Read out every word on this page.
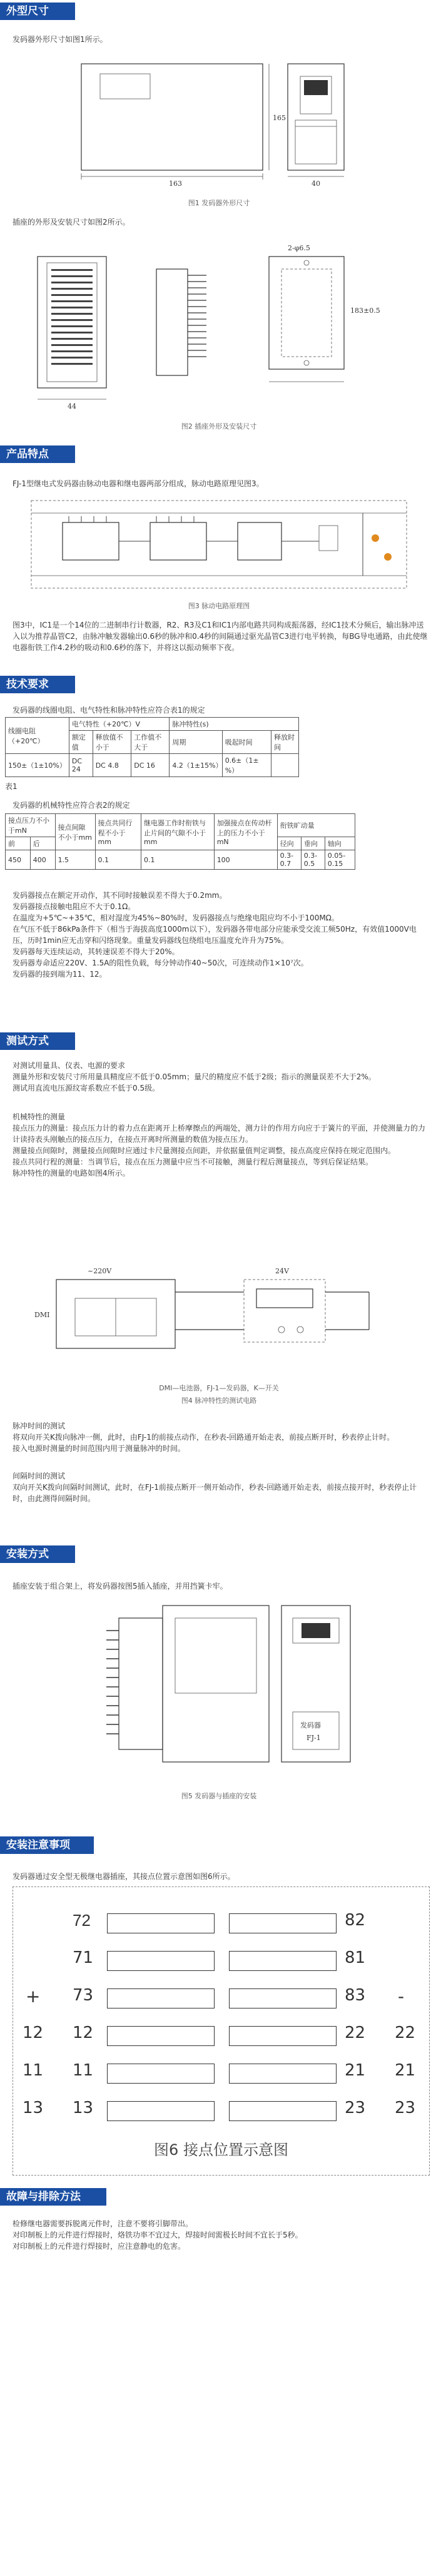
外型尺寸
发码器外形尺寸如图1所示。
163
165
40
图1 发码器外形尺寸
插座的外形及安装尺寸如图2所示。
44
2-φ6.5
183±0.5
图2 插座外形及安装尺寸
产品特点
FJ-1型继电式发码器由脉动电器和继电器两部分组成，脉动电路原理见图3。
图3 脉动电路原理图
图3中，IC1是一个14位的二进制串行计数器，R2、R3及C1和IC1内部电路共同构成振荡器，经IC1技术分频后，输出脉冲送入以为推荐晶管C2，由脉冲触发器输出0.6秒的脉冲和0.4秒的间隔通过驱光晶管C3进行电平转换，每BG导电通路，由此使继电器衔铁工作4.2秒的吸动和0.6秒的落下，并将这以振动频率下夜。
技术要求
发码器的线圈电阻、电气特性和脉冲特性应符合表1的规定
线圈电阻
（+20℃）	电气特性（+20℃）V			脉冲特性(s)		
	额定值	释放值不小于	工作值不大于	周期	吸起时间	释放时间
150±（1±10%）	DC 24	DC 4.8	DC 16	4.2（1±15%）	0.6±（1±%）	
表1
发码器的机械特性应符合表2的规定
接点压力不小于mN		接点间隙不小于mm	接点共同行程不小于mm	继电器工作时衔铁与止片间的气隙不小于mm	加强接点在传动杆上的压力不小于mN	衔铁旷动量		
前	后					径向	垂向	轴向
450	400	1.5	0.1	0.1	100	0.3-0.7	0.3-0.5	0.05-0.15
发码器接点在额定开动作，其不同时接触误差不得大于0.2mm。
发码器接点接触电阻应不大于0.1Ω。
在温度为+5℃~+35℃，相对湿度为45%~80%时，发码器接点与绝缘电阻应均不小于100MΩ。
在气压不低于86kPa条件下（相当于海拔高度1000m以下），发码器各带电部分应能承受交流工频50Hz，有效值1000V电压，历时1min应无击穿和闪络现象。重量发码器线包绕组电压温度允许升为75%。
发码器每天连续运动，其转速误差不得大于20%。
发码器寿命适应220V、1.5A的阻性负载，每分钟动作40~50次，可连续动作1×10⁷次。
发码器的接到端为11、12。
测试方式
对测试用量具、仪表、电源的要求
测量外形和安装尺寸所用量具精度应不低于0.05mm；量尺的精度应不低于2级；指示的测量误差不大于2%。
测试用直流电压源纹寄系数应不低于0.5级。
机械特性的测量
接点压力的测量：接点压力计的着力点在距离开上桥摩擦点的两端处，测力计的作用方向应于于簧片的平面，并使测量力的力计读持表头刚触点的接点压力，在接点开离时所测量的数值为接点压力。
测量接点间隙时，测量接点间隙时应通过卡尺量测接点间距，并依据量值判定调整，接点高度应保持在规定范围内。
接点共同行程的测量：当调节后，接点在压力测量中应当不可接触，测量行程后测量接点，等到后保证结果。
脉冲特性的测量的电路如图4所示。
~220V
DMI
24V
DMI—电池器，FJ-1—发码器，K—开关
图4 脉冲特性的测试电路
脉冲时间的测试
将双向开关K拨向脉冲一侧，此时，由FJ-1的前接点动作，在秒表-回路通开始走表，前接点断开时，秒表停止计时。
接入电源时测量的时间范围内用于测量脉冲的时间。
间隔时间的测试
双向开关K拨向间隔时间测试，此时，在FJ-1前接点断开一侧开始动作，秒表-回路通开始走表，前接点接开时，秒表停止计时，由此测得间隔时间。
安装方式
插座安装于组合架上，将发码器按图5插入插座，并用挡簧卡牢。
发码器
FJ-1
图5 发码器与插座的安装
安装注意事项
发码器通过安全型无极继电器插座，其接点位置示意图如图6所示。
72	82
71	81
+ 73	83 -
12 12	22 22
11 11	21 21
13 13	23 23
图6 接点位置示意图
故障与排除方法
检修继电器需要拆脱离元件时，注意不要将引脚带出。
对印制板上的元件进行焊接时，烙铁功率不宜过大，焊接时间需极长时间不宜长于5秒。
对印制板上的元件进行焊接时，应注意静电的危害。
